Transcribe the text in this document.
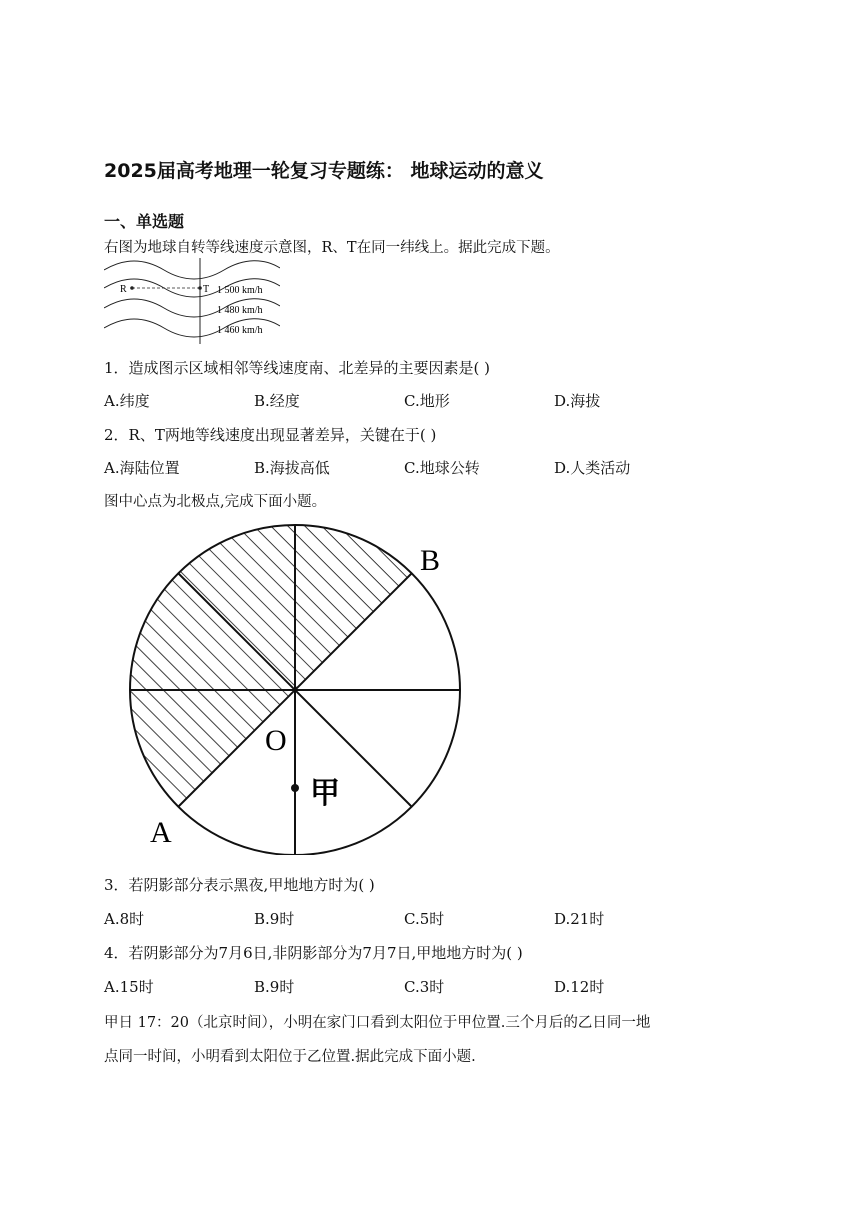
2025届高考地理一轮复习专题练： 地球运动的意义
一、单选题
右图为地球自转等线速度示意图，R、T在同一纬线上。据此完成下题。
R	T 1 500 km/h
1 480 km/h
1 460 km/h
1．造成图示区域相邻等线速度南、北差异的主要因素是( )
A.纬度	B.经度	C.地形	D.海拔
2．R、T两地等线速度出现显著差异，关键在于( )
A.海陆位置	B.海拔高低	C.地球公转	D.人类活动
图中心点为北极点,完成下面小题。
B
A
O
甲
3．若阴影部分表示黑夜,甲地地方时为( )
A.8时	B.9时	C.5时	D.21时
4．若阴影部分为7月6日,非阴影部分为7月7日,甲地地方时为( )
A.15时	B.9时	C.3时	D.12时
甲日 17：20（北京时间），小明在家门口看到太阳位于甲位置.三个月后的乙日同一地
点同一时间，小明看到太阳位于乙位置.据此完成下面小题.
